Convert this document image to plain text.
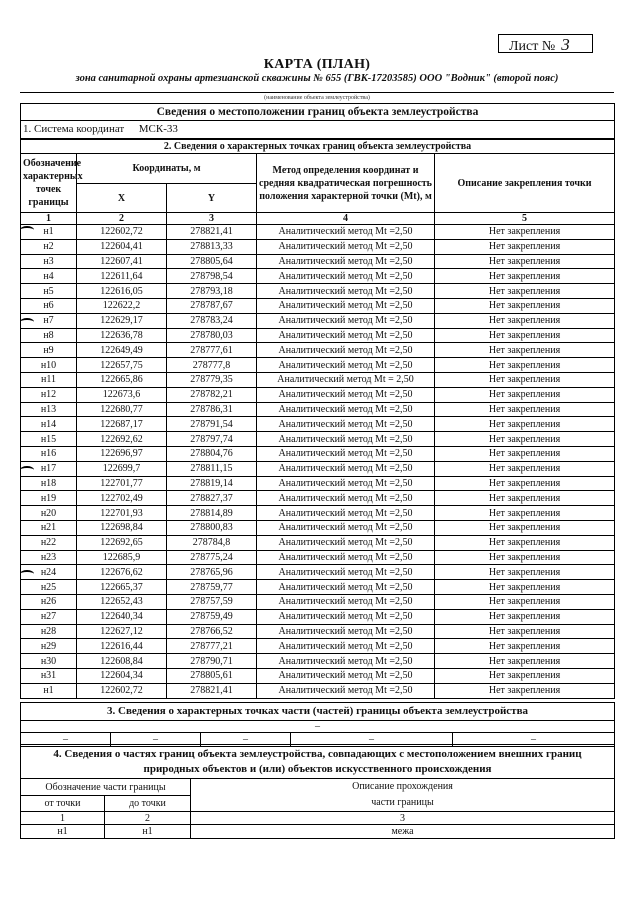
Лист № 3
КАРТА (ПЛАН)
зона санитарной охраны артезианской скважины № 655 (ГВК-17203585) ООО "Водник" (второй пояс)
(наименование объекта землеустройства)
Сведения о местоположении границ объекта землеустройства
1. Система координат МСК-33
2. Сведения о характерных точках границ объекта землеустройства				
Обозначение характерных точек границы	Координаты, м		Метод определения координат и средняя квадратическая погрешность положения характерной точки (Mt), м	Описание закрепления точки
	X	Y		
1	2	3	4	5
н1	122602,72	278821,41	Аналитический метод Mt =2,50	Нет закрепления
н2	122604,41	278813,33	Аналитический метод Mt =2,50	Нет закрепления
н3	122607,41	278805,64	Аналитический метод Mt =2,50	Нет закрепления
н4	122611,64	278798,54	Аналитический метод Mt =2,50	Нет закрепления
н5	122616,05	278793,18	Аналитический метод Mt =2,50	Нет закрепления
н6	122622,2	278787,67	Аналитический метод Mt =2,50	Нет закрепления
н7	122629,17	278783,24	Аналитический метод Mt =2,50	Нет закрепления
н8	122636,78	278780,03	Аналитический метод Mt =2,50	Нет закрепления
н9	122649,49	278777,61	Аналитический метод Mt =2,50	Нет закрепления
н10	122657,75	278777,8	Аналитический метод Mt =2,50	Нет закрепления
н11	122665,86	278779,35	Аналитический метод Mt = 2,50	Нет закрепления
н12	122673,6	278782,21	Аналитический метод Mt =2,50	Нет закрепления
н13	122680,77	278786,31	Аналитический метод Mt =2,50	Нет закрепления
н14	122687,17	278791,54	Аналитический метод Mt =2,50	Нет закрепления
н15	122692,62	278797,74	Аналитический метод Mt =2,50	Нет закрепления
н16	122696,97	278804,76	Аналитический метод Mt =2,50	Нет закрепления
н17	122699,7	278811,15	Аналитический метод Mt =2,50	Нет закрепления
н18	122701,77	278819,14	Аналитический метод Mt =2,50	Нет закрепления
н19	122702,49	278827,37	Аналитический метод Mt =2,50	Нет закрепления
н20	122701,93	278814,89	Аналитический метод Mt =2,50	Нет закрепления
н21	122698,84	278800,83	Аналитический метод Mt =2,50	Нет закрепления
н22	122692,65	278784,8	Аналитический метод Mt =2,50	Нет закрепления
н23	122685,9	278775,24	Аналитический метод Mt =2,50	Нет закрепления
н24	122676,62	278765,96	Аналитический метод Mt =2,50	Нет закрепления
н25	122665,37	278759,77	Аналитический метод Mt =2,50	Нет закрепления
н26	122652,43	278757,59	Аналитический метод Mt =2,50	Нет закрепления
н27	122640,34	278759,49	Аналитический метод Mt =2,50	Нет закрепления
н28	122627,12	278766,52	Аналитический метод Mt =2,50	Нет закрепления
н29	122616,44	278777,21	Аналитический метод Mt =2,50	Нет закрепления
н30	122608,84	278790,71	Аналитический метод Mt =2,50	Нет закрепления
н31	122604,34	278805,61	Аналитический метод Mt =2,50	Нет закрепления
н1	122602,72	278821,41	Аналитический метод Mt =2,50	Нет закрепления
3. Сведения о характерных точках части (частей) границы объекта землеустройства
–
–	–	–	–	–
4. Сведения о частях границ объекта землеустройства, совпадающих с местоположением внешних границ природных объектов и (или) объектов искусственного происхождения		
Обозначение части границы		Описание прохождения части границы
от точки	до точки	
1	2	3
н1	н1	межа
